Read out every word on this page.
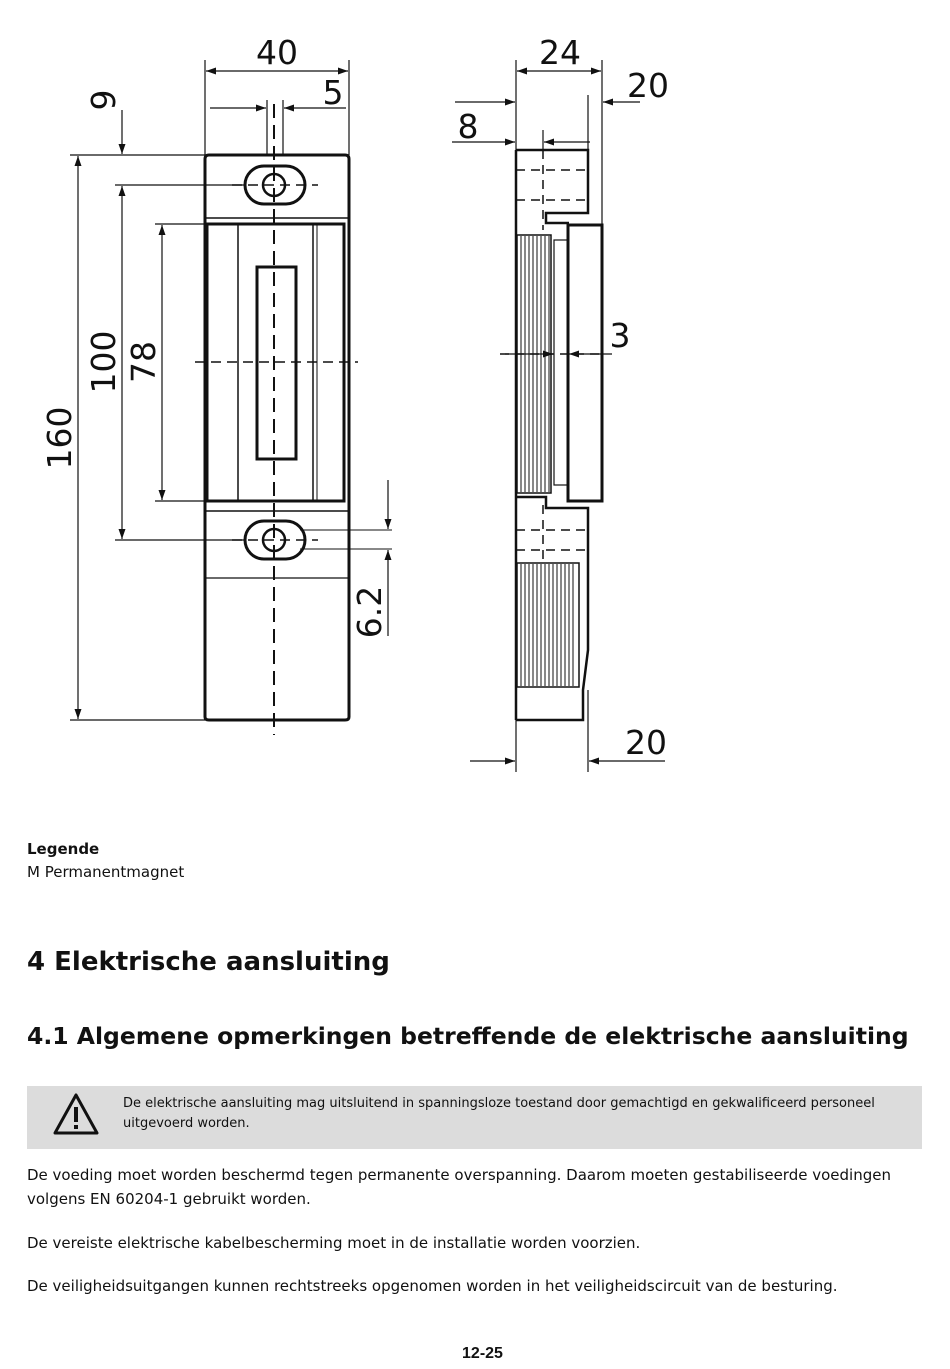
40
5
9
160
100 78
6.2
24
20
8
3
20
Legende
M Permanentmagnet
4 Elektrische aansluiting
4.1 Algemene opmerkingen betreffende de elektrische aansluiting
De elektrische aansluiting mag uitsluitend in spanningsloze toestand door gemachtigd en gekwalificeerd personeel uitgevoerd worden.

De voeding moet worden beschermd tegen permanente overspanning. Daarom moeten gestabiliseerde voedingen volgens EN 60204-1 gebruikt worden.

De vereiste elektrische kabelbescherming moet in de installatie worden voorzien.

De veiligheidsuitgangen kunnen rechtstreeks opgenomen worden in het veiligheidscircuit van de besturing.

12-25
